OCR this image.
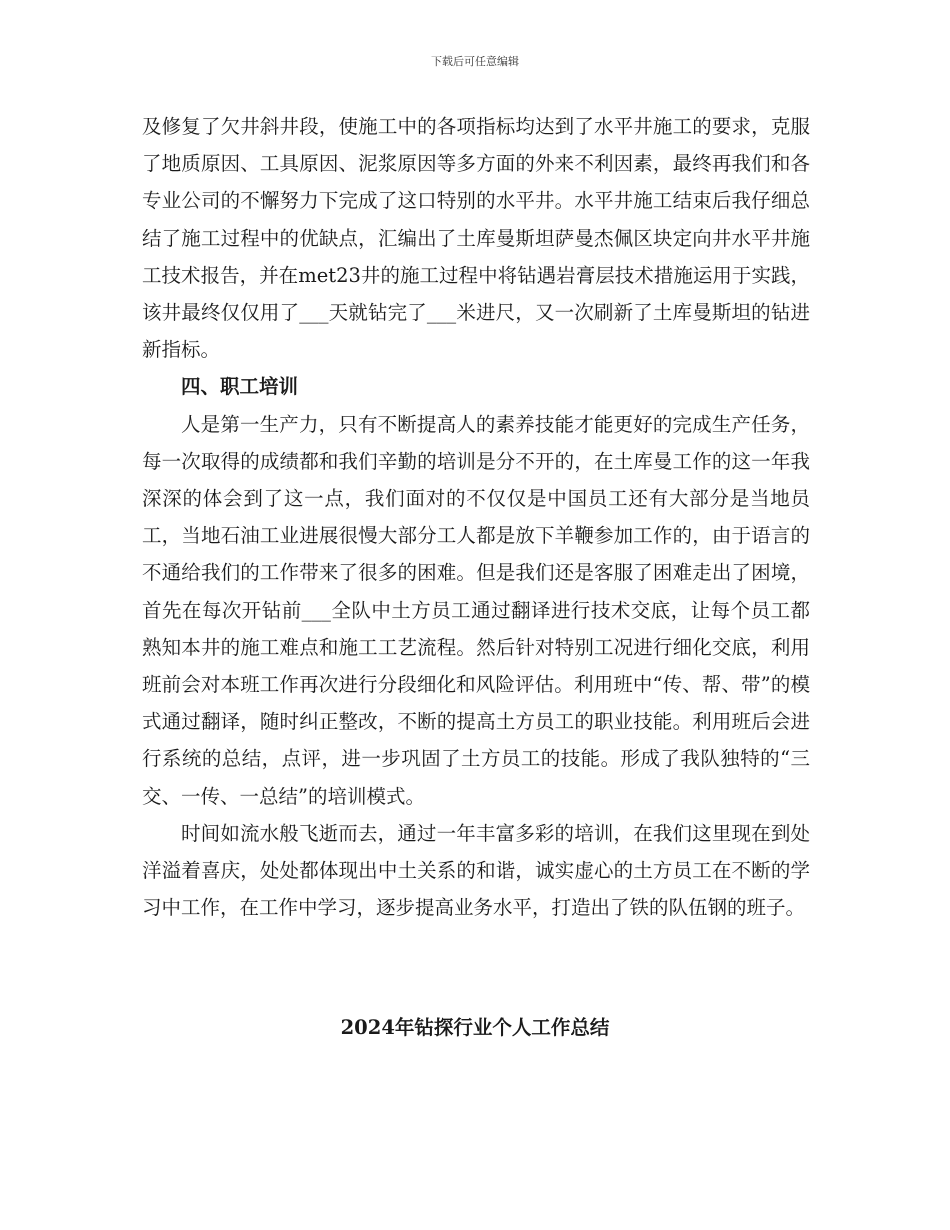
下载后可任意编辑

及修复了欠井斜井段，使施工中的各项指标均达到了水平井施工的要求，克服了地质原因、工具原因、泥浆原因等多方面的外来不利因素，最终再我们和各专业公司的不懈努力下完成了这口特别的水平井。水平井施工结束后我仔细总结了施工过程中的优缺点，汇编出了土库曼斯坦萨曼杰佩区块定向井水平井施工技术报告，并在met23井的施工过程中将钻遇岩膏层技术措施运用于实践，该井最终仅仅用了___天就钻完了___米进尺，又一次刷新了土库曼斯坦的钻进新指标。

四、职工培训

人是第一生产力，只有不断提高人的素养技能才能更好的完成生产任务，每一次取得的成绩都和我们辛勤的培训是分不开的，在土库曼工作的这一年我深深的体会到了这一点，我们面对的不仅仅是中国员工还有大部分是当地员工，当地石油工业进展很慢大部分工人都是放下羊鞭参加工作的，由于语言的不通给我们的工作带来了很多的困难。但是我们还是客服了困难走出了困境，首先在每次开钻前___全队中土方员工通过翻译进行技术交底，让每个员工都熟知本井的施工难点和施工工艺流程。然后针对特别工况进行细化交底，利用班前会对本班工作再次进行分段细化和风险评估。利用班中“传、帮、带”的模式通过翻译，随时纠正整改，不断的提高土方员工的职业技能。利用班后会进行系统的总结，点评，进一步巩固了土方员工的技能。形成了我队独特的“三交、一传、一总结”的培训模式。

时间如流水般飞逝而去，通过一年丰富多彩的培训，在我们这里现在到处洋溢着喜庆，处处都体现出中土关系的和谐，诚实虚心的土方员工在不断的学习中工作，在工作中学习，逐步提高业务水平，打造出了铁的队伍钢的班子。

2024年钻探行业个人工作总结
